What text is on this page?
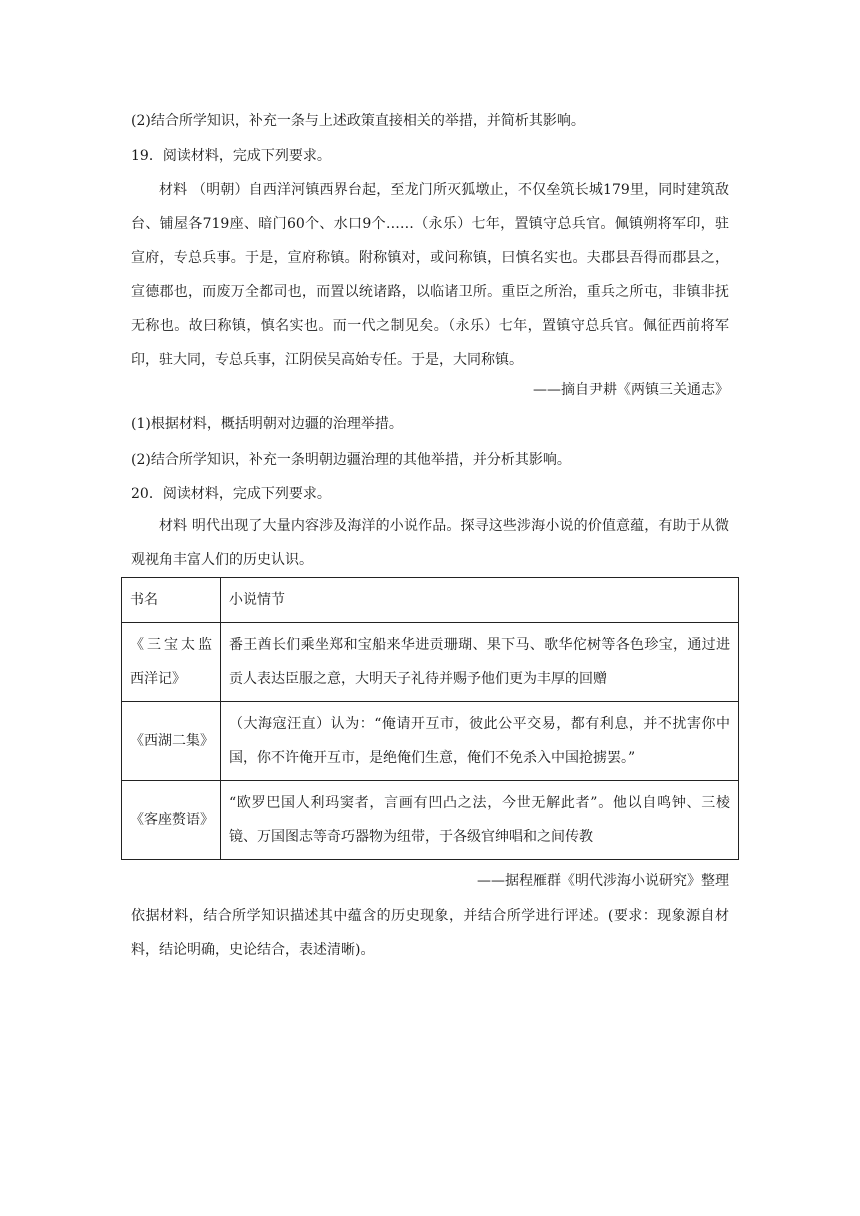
(2)结合所学知识，补充一条与上述政策直接相关的举措，并简析其影响。
19．阅读材料，完成下列要求。

材料 （明朝）自西洋河镇西界台起，至龙门所灭狐墩止，不仅垒筑长城179里，同时建筑敌台、铺屋各719座、暗门60个、水口9个……（永乐）七年，置镇守总兵官。佩镇朔将军印，驻宣府，专总兵事。于是，宣府称镇。附称镇对，或问称镇，曰慎名实也。夫郡县吾得而郡县之，宣德郡也，而废万全都司也，而置以统诸路，以临诸卫所。重臣之所治，重兵之所屯，非镇非抚无称也。故曰称镇，慎名实也。而一代之制见矣。（永乐）七年，置镇守总兵官。佩征西前将军印，驻大同，专总兵事，江阴侯吴高始专任。于是，大同称镇。

——摘自尹耕《两镇三关通志》
(1)根据材料，概括明朝对边疆的治理举措。
(2)结合所学知识，补充一条明朝边疆治理的其他举措，并分析其影响。
20．阅读材料，完成下列要求。

材料 明代出现了大量内容涉及海洋的小说作品。探寻这些涉海小说的价值意蕴，有助于从微观视角丰富人们的历史认识。

书名	小说情节

《三宝太监西洋记》	番王酋长们乘坐郑和宝船来华进贡珊瑚、果下马、歌华佗树等各色珍宝，通过进贡人表达臣服之意，大明天子礼待并赐予他们更为丰厚的回赠

《西湖二集》	（大海寇汪直）认为：“俺请开互市，彼此公平交易，都有利息，并不扰害你中国，你不许俺开互市，是绝俺们生意，俺们不免杀入中国抢掳罢。”

《客座赘语》	“欧罗巴国人利玛窦者，言画有凹凸之法，今世无解此者”。他以自鸣钟、三棱镜、万国图志等奇巧器物为纽带，于各级官绅唱和之间传教
——据程雁群《明代涉海小说研究》整理

依据材料，结合所学知识描述其中蕴含的历史现象，并结合所学进行评述。(要求：现象源自材料，结论明确，史论结合，表述清晰)。
